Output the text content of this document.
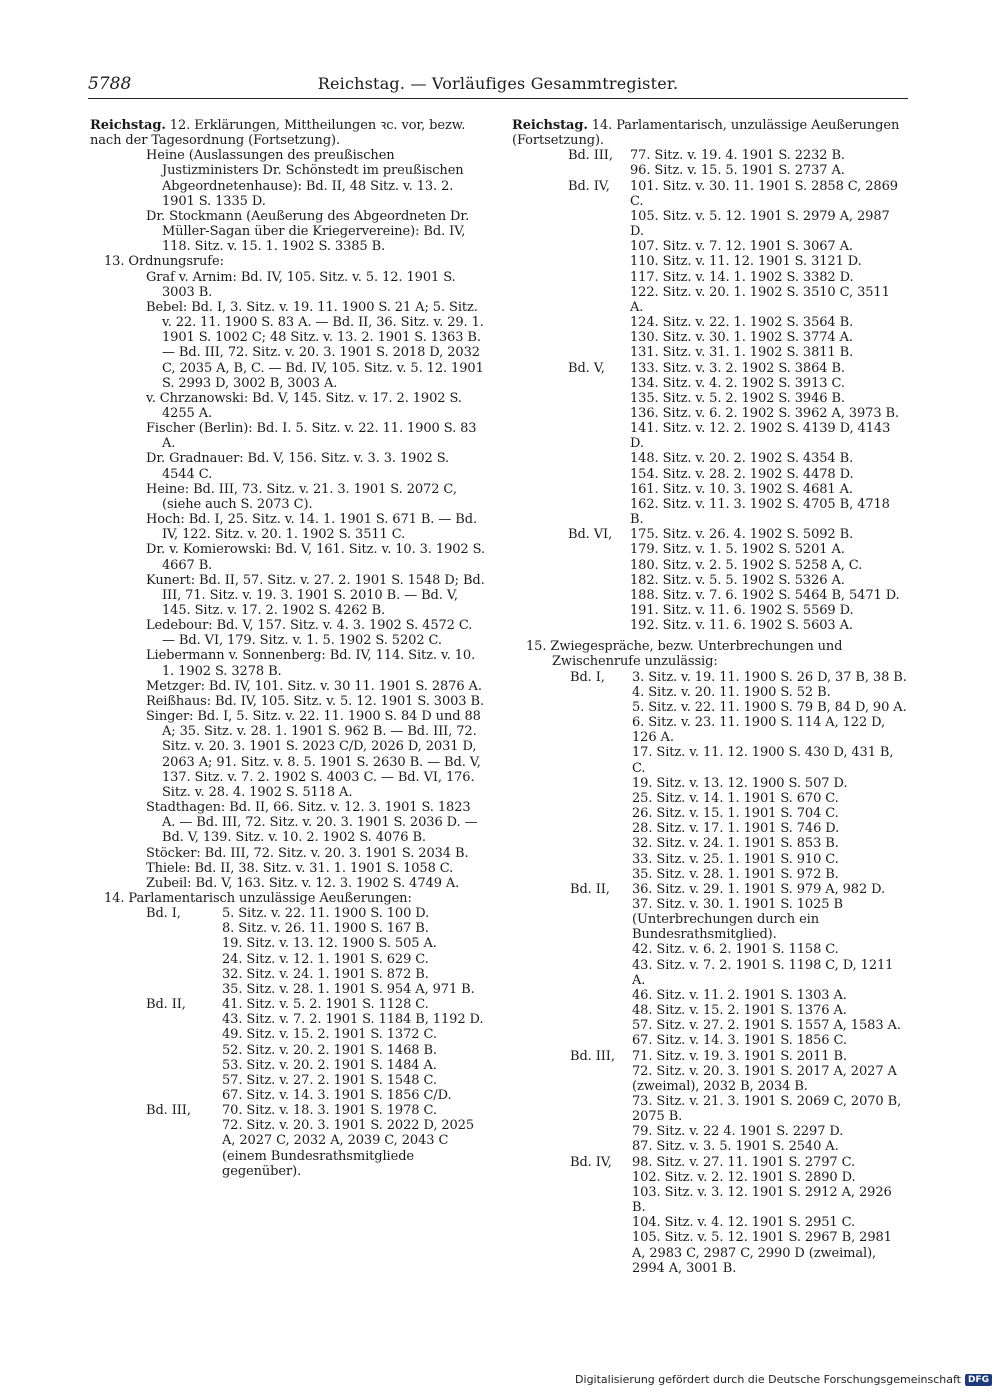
5788	Reichstag. — Vorläufiges Gesammtregister.

Reichstag. 12. Erklärungen, Mittheilungen ꝛc. vor, bezw. nach der Tagesordnung (Fortsetzung).

Heine (Auslassungen des preußischen Justizministers Dr. Schönstedt im preußischen Abgeordnetenhause): Bd. II, 48 Sitz. v. 13. 2. 1901 S. 1335 D.

Dr. Stockmann (Aeußerung des Abgeordneten Dr. Müller-Sagan über die Kriegervereine): Bd. IV, 118. Sitz. v. 15. 1. 1902 S. 3385 B.

13. Ordnungsrufe:

Graf v. Arnim: Bd. IV, 105. Sitz. v. 5. 12. 1901 S. 3003 B.

Bebel: Bd. I, 3. Sitz. v. 19. 11. 1900 S. 21 A; 5. Sitz. v. 22. 11. 1900 S. 83 A. — Bd. II, 36. Sitz. v. 29. 1. 1901 S. 1002 C; 48 Sitz. v. 13. 2. 1901 S. 1363 B. — Bd. III, 72. Sitz. v. 20. 3. 1901 S. 2018 D, 2032 C, 2035 A, B, C. — Bd. IV, 105. Sitz. v. 5. 12. 1901 S. 2993 D, 3002 B, 3003 A.

v. Chrzanowski: Bd. V, 145. Sitz. v. 17. 2. 1902 S. 4255 A.

Fischer (Berlin): Bd. I. 5. Sitz. v. 22. 11. 1900 S. 83 A.

Dr. Gradnauer: Bd. V, 156. Sitz. v. 3. 3. 1902 S. 4544 C.

Heine: Bd. III, 73. Sitz. v. 21. 3. 1901 S. 2072 C, (siehe auch S. 2073 C).

Hoch: Bd. I, 25. Sitz. v. 14. 1. 1901 S. 671 B. — Bd. IV, 122. Sitz. v. 20. 1. 1902 S. 3511 C.

Dr. v. Komierowski: Bd. V, 161. Sitz. v. 10. 3. 1902 S. 4667 B.

Kunert: Bd. II, 57. Sitz. v. 27. 2. 1901 S. 1548 D; Bd. III, 71. Sitz. v. 19. 3. 1901 S. 2010 B. — Bd. V, 145. Sitz. v. 17. 2. 1902 S. 4262 B.

Ledebour: Bd. V, 157. Sitz. v. 4. 3. 1902 S. 4572 C. — Bd. VI, 179. Sitz. v. 1. 5. 1902 S. 5202 C.

Liebermann v. Sonnenberg: Bd. IV, 114. Sitz. v. 10. 1. 1902 S. 3278 B.

Metzger: Bd. IV, 101. Sitz. v. 30 11. 1901 S. 2876 A.

Reißhaus: Bd. IV, 105. Sitz. v. 5. 12. 1901 S. 3003 B.

Singer: Bd. I, 5. Sitz. v. 22. 11. 1900 S. 84 D und 88 A; 35. Sitz. v. 28. 1. 1901 S. 962 B. — Bd. III, 72. Sitz. v. 20. 3. 1901 S. 2023 C/D, 2026 D, 2031 D, 2063 A; 91. Sitz. v. 8. 5. 1901 S. 2630 B. — Bd. V, 137. Sitz. v. 7. 2. 1902 S. 4003 C. — Bd. VI, 176. Sitz. v. 28. 4. 1902 S. 5118 A.

Stadthagen: Bd. II, 66. Sitz. v. 12. 3. 1901 S. 1823 A. — Bd. III, 72. Sitz. v. 20. 3. 1901 S. 2036 D. — Bd. V, 139. Sitz. v. 10. 2. 1902 S. 4076 B.

Stöcker: Bd. III, 72. Sitz. v. 20. 3. 1901 S. 2034 B.

Thiele: Bd. II, 38. Sitz. v. 31. 1. 1901 S. 1058 C.

Zubeil: Bd. V, 163. Sitz. v. 12. 3. 1902 S. 4749 A.

14. Parlamentarisch unzulässige Aeußerungen:

Bd. I,	5. Sitz. v. 22. 11. 1900 S. 100 D.
8. Sitz. v. 26. 11. 1900 S. 167 B.
19. Sitz. v. 13. 12. 1900 S. 505 A.
24. Sitz. v. 12. 1. 1901 S. 629 C.
32. Sitz. v. 24. 1. 1901 S. 872 B.
35. Sitz. v. 28. 1. 1901 S. 954 A, 971 B.
Bd. II,	41. Sitz. v. 5. 2. 1901 S. 1128 C.
43. Sitz. v. 7. 2. 1901 S. 1184 B, 1192 D.
49. Sitz. v. 15. 2. 1901 S. 1372 C.
52. Sitz. v. 20. 2. 1901 S. 1468 B.
53. Sitz. v. 20. 2. 1901 S. 1484 A.
57. Sitz. v. 27. 2. 1901 S. 1548 C.
67. Sitz. v. 14. 3. 1901 S. 1856 C/D.
Bd. III,	70. Sitz. v. 18. 3. 1901 S. 1978 C.
72. Sitz. v. 20. 3. 1901 S. 2022 D, 2025 A, 2027 C, 2032 A, 2039 C, 2043 C (einem Bundesrathsmitgliede gegenüber).

Reichstag. 14. Parlamentarisch, unzulässige Aeußerungen (Fortsetzung).

Bd. III,	77. Sitz. v. 19. 4. 1901 S. 2232 B.
96. Sitz. v. 15. 5. 1901 S. 2737 A.
Bd. IV,	101. Sitz. v. 30. 11. 1901 S. 2858 C, 2869 C.
105. Sitz. v. 5. 12. 1901 S. 2979 A, 2987 D.
107. Sitz. v. 7. 12. 1901 S. 3067 A.
110. Sitz. v. 11. 12. 1901 S. 3121 D.
117. Sitz. v. 14. 1. 1902 S. 3382 D.
122. Sitz. v. 20. 1. 1902 S. 3510 C, 3511 A.
124. Sitz. v. 22. 1. 1902 S. 3564 B.
130. Sitz. v. 30. 1. 1902 S. 3774 A.
131. Sitz. v. 31. 1. 1902 S. 3811 B.
Bd. V,	133. Sitz. v. 3. 2. 1902 S. 3864 B.
134. Sitz. v. 4. 2. 1902 S. 3913 C.
135. Sitz. v. 5. 2. 1902 S. 3946 B.
136. Sitz. v. 6. 2. 1902 S. 3962 A, 3973 B.
141. Sitz. v. 12. 2. 1902 S. 4139 D, 4143 D.
148. Sitz. v. 20. 2. 1902 S. 4354 B.
154. Sitz. v. 28. 2. 1902 S. 4478 D.
161. Sitz. v. 10. 3. 1902 S. 4681 A.
162. Sitz. v. 11. 3. 1902 S. 4705 B, 4718 B.
Bd. VI,	175. Sitz. v. 26. 4. 1902 S. 5092 B.
179. Sitz. v. 1. 5. 1902 S. 5201 A.
180. Sitz. v. 2. 5. 1902 S. 5258 A, C.
182. Sitz. v. 5. 5. 1902 S. 5326 A.
188. Sitz. v. 7. 6. 1902 S. 5464 B, 5471 D.
191. Sitz. v. 11. 6. 1902 S. 5569 D.
192. Sitz. v. 11. 6. 1902 S. 5603 A.

15. Zwiegespräche, bezw. Unterbrechungen und Zwischenrufe unzulässig:

Bd. I,	3. Sitz. v. 19. 11. 1900 S. 26 D, 37 B, 38 B.
4. Sitz. v. 20. 11. 1900 S. 52 B.
5. Sitz. v. 22. 11. 1900 S. 79 B, 84 D, 90 A.
6. Sitz. v. 23. 11. 1900 S. 114 A, 122 D, 126 A.
17. Sitz. v. 11. 12. 1900 S. 430 D, 431 B, C.
19. Sitz. v. 13. 12. 1900 S. 507 D.
25. Sitz. v. 14. 1. 1901 S. 670 C.
26. Sitz. v. 15. 1. 1901 S. 704 C.
28. Sitz. v. 17. 1. 1901 S. 746 D.
32. Sitz. v. 24. 1. 1901 S. 853 B.
33. Sitz. v. 25. 1. 1901 S. 910 C.
35. Sitz. v. 28. 1. 1901 S. 972 B.
Bd. II,	36. Sitz. v. 29. 1. 1901 S. 979 A, 982 D.
37. Sitz. v. 30. 1. 1901 S. 1025 B (Unterbrechungen durch ein Bundesrathsmitglied).
42. Sitz. v. 6. 2. 1901 S. 1158 C.
43. Sitz. v. 7. 2. 1901 S. 1198 C, D, 1211 A.
46. Sitz. v. 11. 2. 1901 S. 1303 A.
48. Sitz. v. 15. 2. 1901 S. 1376 A.
57. Sitz. v. 27. 2. 1901 S. 1557 A, 1583 A.
67. Sitz. v. 14. 3. 1901 S. 1856 C.
Bd. III,	71. Sitz. v. 19. 3. 1901 S. 2011 B.
72. Sitz. v. 20. 3. 1901 S. 2017 A, 2027 A (zweimal), 2032 B, 2034 B.
73. Sitz. v. 21. 3. 1901 S. 2069 C, 2070 B, 2075 B.
79. Sitz. v. 22 4. 1901 S. 2297 D.
87. Sitz. v. 3. 5. 1901 S. 2540 A.
Bd. IV,	98. Sitz. v. 27. 11. 1901 S. 2797 C.
102. Sitz. v. 2. 12. 1901 S. 2890 D.
103. Sitz. v. 3. 12. 1901 S. 2912 A, 2926 B.
104. Sitz. v. 4. 12. 1901 S. 2951 C.
105. Sitz. v. 5. 12. 1901 S. 2967 B, 2981 A, 2983 C, 2987 C, 2990 D (zweimal), 2994 A, 3001 B.
Digitalisierung gefördert durch die Deutsche Forschungsgemeinschaft DFG
